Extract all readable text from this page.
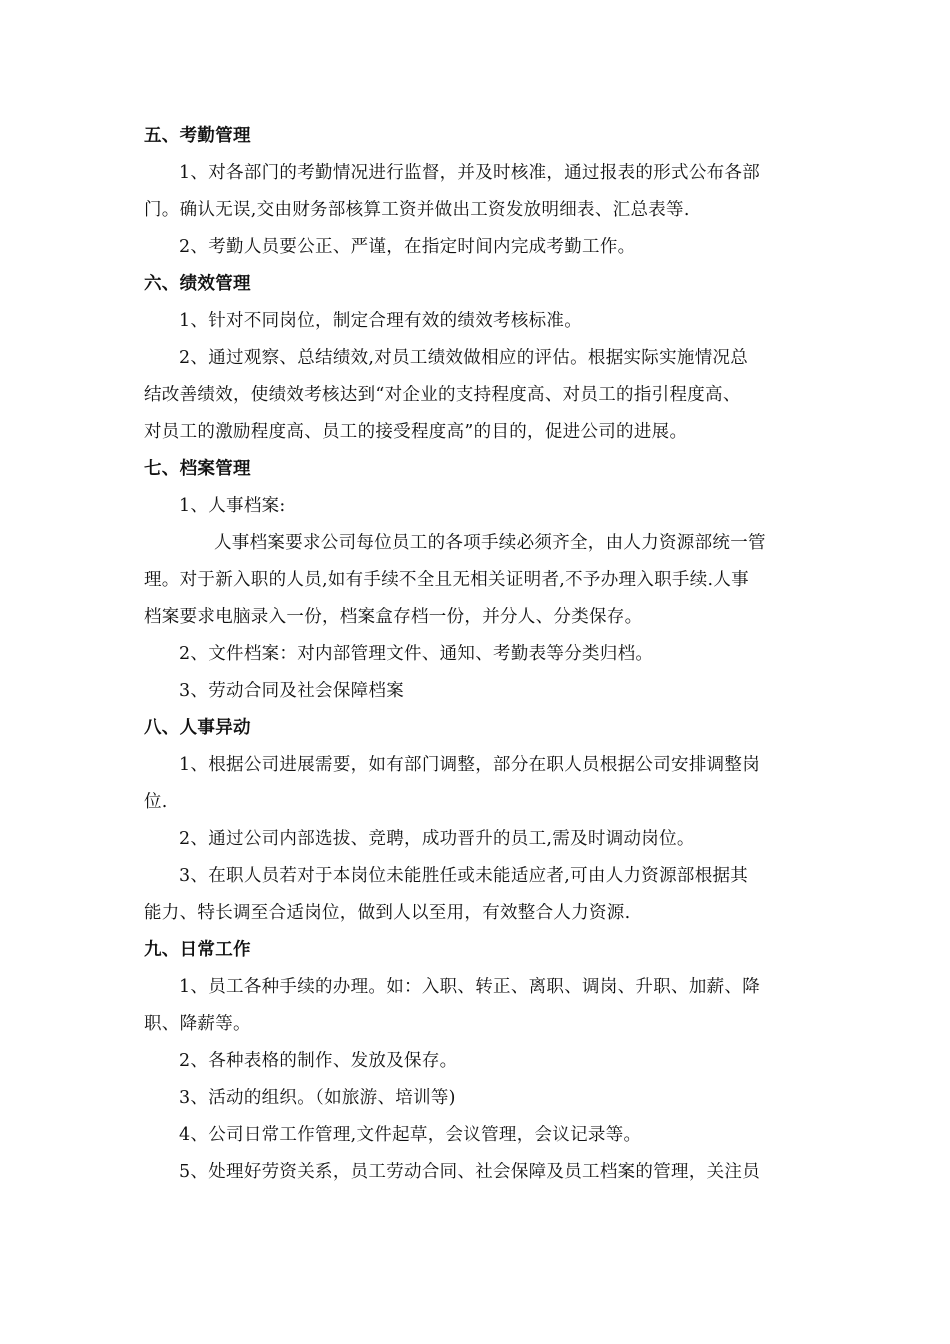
五、考勤管理
1、对各部门的考勤情况进行监督，并及时核准，通过报表的形式公布各部
门。确认无误,交由财务部核算工资并做出工资发放明细表、汇总表等.
2、考勤人员要公正、严谨，在指定时间内完成考勤工作。
六、绩效管理
1、针对不同岗位，制定合理有效的绩效考核标准。
2、通过观察、总结绩效,对员工绩效做相应的评估。根据实际实施情况总
结改善绩效，使绩效考核达到“对企业的支持程度高、对员工的指引程度高、
对员工的激励程度高、员工的接受程度高”的目的，促进公司的进展。
七、档案管理
1、人事档案:
人事档案要求公司每位员工的各项手续必须齐全，由人力资源部统一管
理。对于新入职的人员,如有手续不全且无相关证明者,不予办理入职手续.人事
档案要求电脑录入一份，档案盒存档一份，并分人、分类保存。
2、文件档案：对内部管理文件、通知、考勤表等分类归档。
3、劳动合同及社会保障档案
八、人事异动
1、根据公司进展需要，如有部门调整，部分在职人员根据公司安排调整岗
位.
2、通过公司内部选拔、竞聘，成功晋升的员工,需及时调动岗位。
3、在职人员若对于本岗位未能胜任或未能适应者,可由人力资源部根据其
能力、特长调至合适岗位，做到人以至用，有效整合人力资源.
九、日常工作
1、员工各种手续的办理。如：入职、转正、离职、调岗、升职、加薪、降
职、降薪等。
2、各种表格的制作、发放及保存。
3、活动的组织。（如旅游、培训等)
4、公司日常工作管理,文件起草，会议管理，会议记录等。
5、处理好劳资关系，员工劳动合同、社会保障及员工档案的管理，关注员
